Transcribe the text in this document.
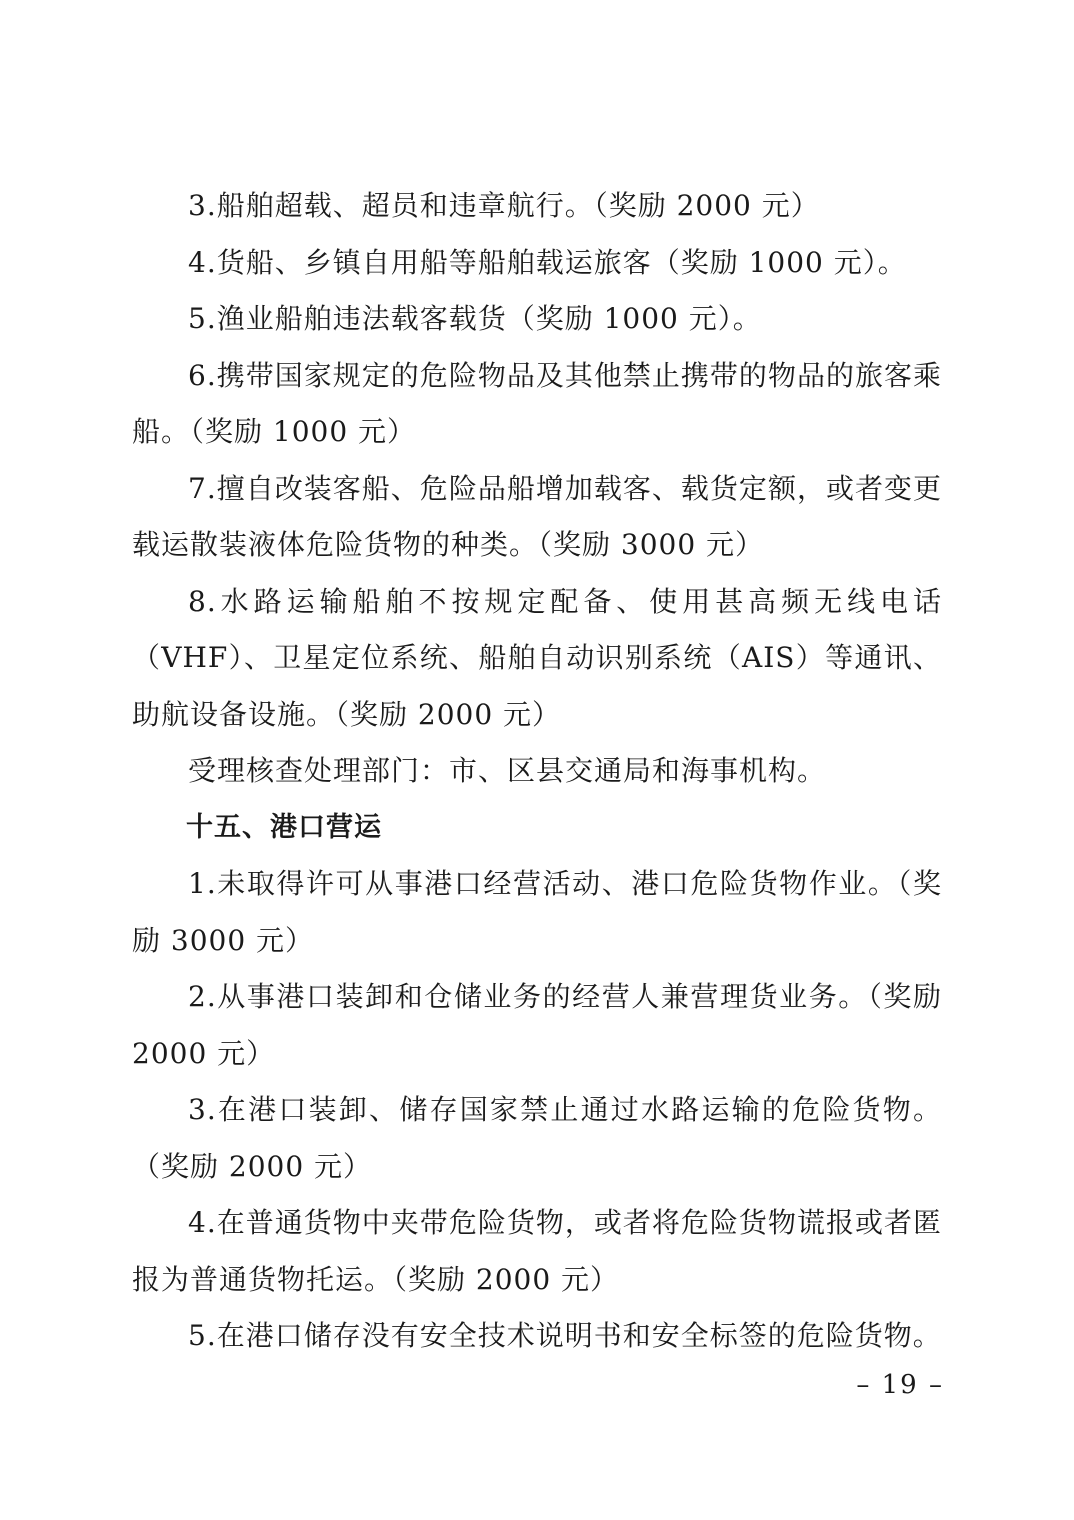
3.船舶超载、超员和违章航行。（奖励 2000 元）

4.货船、乡镇自用船等船舶载运旅客（奖励 1000 元）。

5.渔业船舶违法载客载货（奖励 1000 元）。

6.携带国家规定的危险物品及其他禁止携带的物品的旅客乘船。（奖励 1000 元）

7.擅自改装客船、危险品船增加载客、载货定额，或者变更载运散装液体危险货物的种类。（奖励 3000 元）

8.水路运输船舶不按规定配备、使用甚高频无线电话（VHF）、卫星定位系统、船舶自动识别系统（AIS）等通讯、助航设备设施。（奖励 2000 元）

受理核查处理部门：市、区县交通局和海事机构。

十五、港口营运

1.未取得许可从事港口经营活动、港口危险货物作业。（奖励 3000 元）

2.从事港口装卸和仓储业务的经营人兼营理货业务。（奖励 2000 元）

3.在港口装卸、储存国家禁止通过水路运输的危险货物。（奖励 2000 元）

4.在普通货物中夹带危险货物，或者将危险货物谎报或者匿报为普通货物托运。（奖励 2000 元）

5.在港口储存没有安全技术说明书和安全标签的危险货物。

– 19 –
